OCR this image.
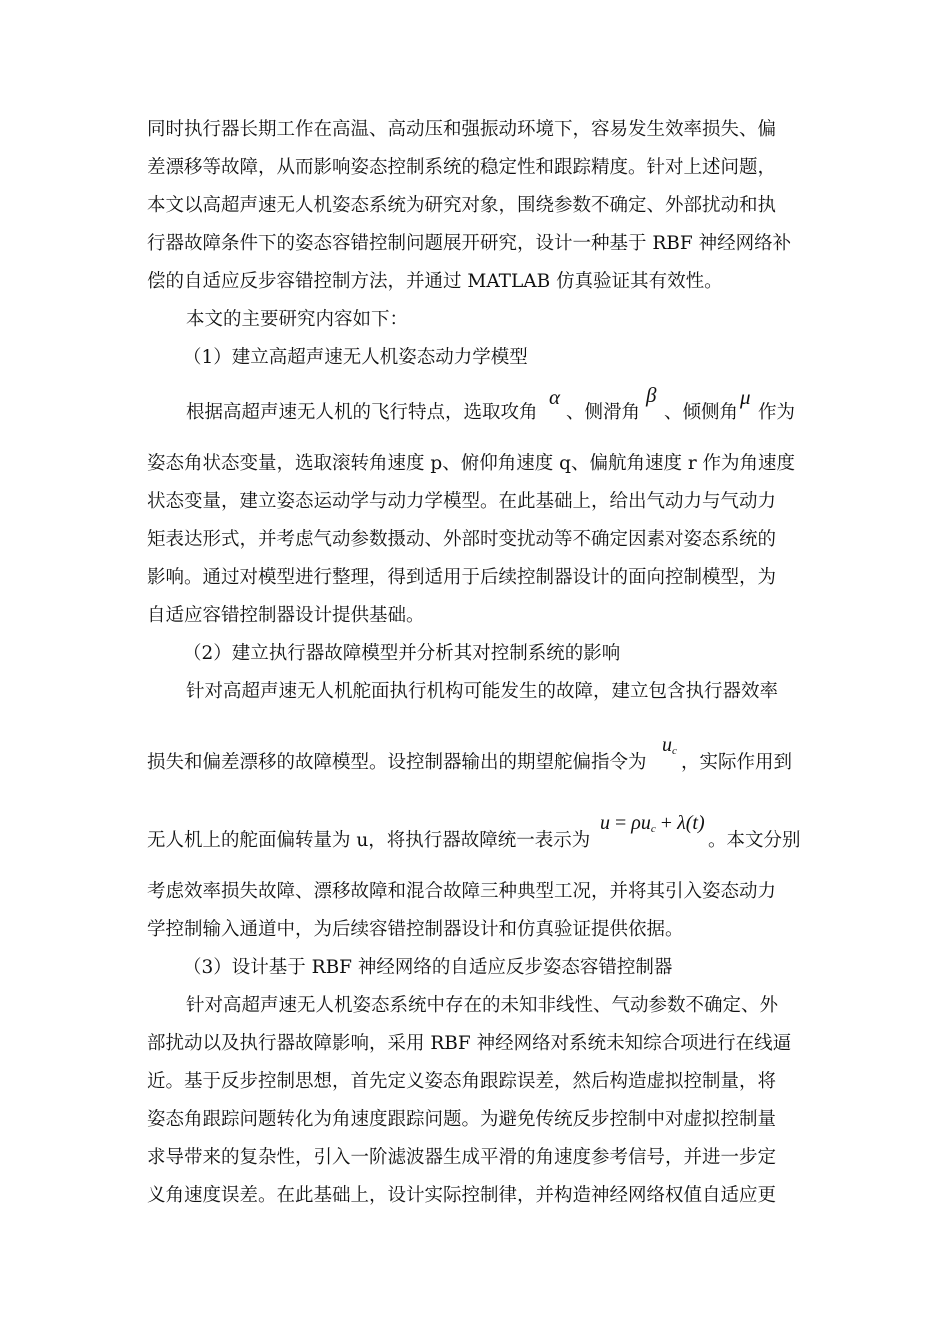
同时执行器长期工作在高温、高动压和强振动环境下，容易发生效率损失、偏
差漂移等故障，从而影响姿态控制系统的稳定性和跟踪精度。针对上述问题，
本文以高超声速无人机姿态系统为研究对象，围绕参数不确定、外部扰动和执
行器故障条件下的姿态容错控制问题展开研究，设计一种基于 RBF 神经网络补
偿的自适应反步容错控制方法，并通过 MATLAB 仿真验证其有效性。
本文的主要研究内容如下：
（1）建立高超声速无人机姿态动力学模型
根据高超声速无人机的飞行特点，选取攻角
α
、侧滑角
β
、倾侧角
μ
作为
姿态角状态变量，选取滚转角速度 p、俯仰角速度 q、偏航角速度 r 作为角速度
状态变量，建立姿态运动学与动力学模型。在此基础上，给出气动力与气动力
矩表达形式，并考虑气动参数摄动、外部时变扰动等不确定因素对姿态系统的
影响。通过对模型进行整理，得到适用于后续控制器设计的面向控制模型，为
自适应容错控制器设计提供基础。
（2）建立执行器故障模型并分析其对控制系统的影响
针对高超声速无人机舵面执行机构可能发生的故障，建立包含执行器效率
损失和偏差漂移的故障模型。设控制器输出的期望舵偏指令为
$u_c$
，实际作用到
无人机上的舵面偏转量为 u，将执行器故障统一表示为
$u = \rho u_c + \lambda(t)$
。本文分别
考虑效率损失故障、漂移故障和混合故障三种典型工况，并将其引入姿态动力
学控制输入通道中，为后续容错控制器设计和仿真验证提供依据。
（3）设计基于 RBF 神经网络的自适应反步姿态容错控制器
针对高超声速无人机姿态系统中存在的未知非线性、气动参数不确定、外
部扰动以及执行器故障影响，采用 RBF 神经网络对系统未知综合项进行在线逼
近。基于反步控制思想，首先定义姿态角跟踪误差，然后构造虚拟控制量，将
姿态角跟踪问题转化为角速度跟踪问题。为避免传统反步控制中对虚拟控制量
求导带来的复杂性，引入一阶滤波器生成平滑的角速度参考信号，并进一步定
义角速度误差。在此基础上，设计实际控制律，并构造神经网络权值自适应更
